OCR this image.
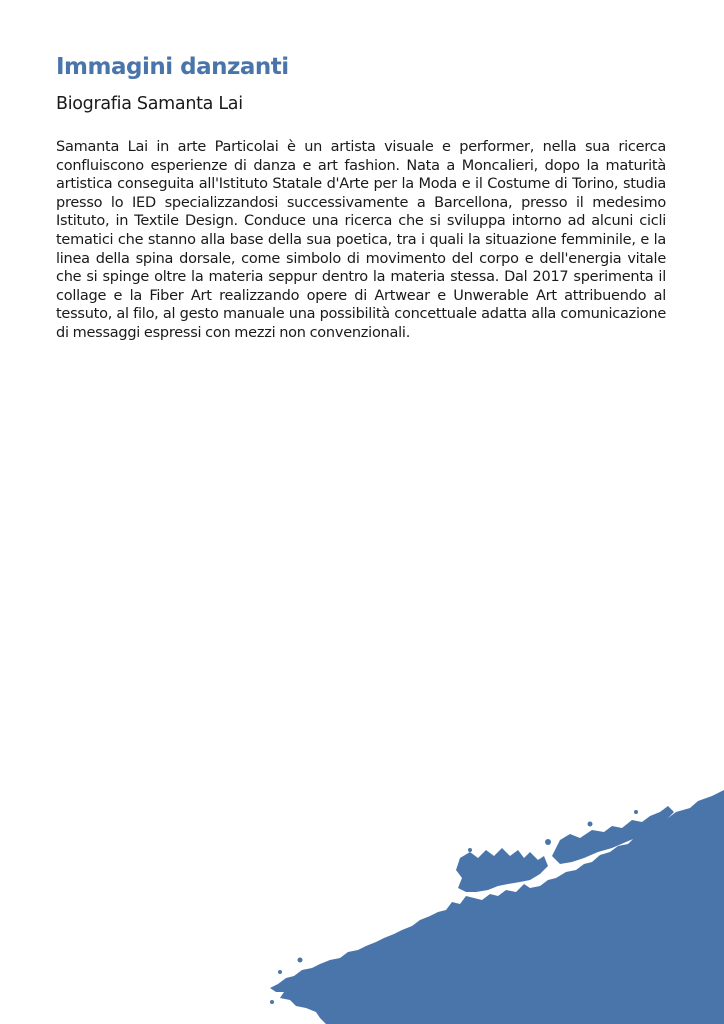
Immagini danzanti
Biografia Samanta Lai

Samanta Lai in arte Particolai è un artista visuale e performer, nella sua ricerca confluiscono esperienze di danza e art fashion. Nata a Moncalieri, dopo la maturità artistica conseguita all'Istituto Statale d'Arte per la Moda e il Costume di Torino, studia presso lo IED specializzandosi successivamente a Barcellona, presso il medesimo Istituto, in Textile Design. Conduce una ricerca che si sviluppa intorno ad alcuni cicli tematici che stanno alla base della sua poetica, tra i quali la situazione femminile, e la linea della spina dorsale, come simbolo di movimento del corpo e dell'energia vitale che si spinge oltre la materia seppur dentro la materia stessa. Dal 2017 sperimenta il collage e la Fiber Art realizzando opere di Artwear e Unwerable Art attribuendo al tessuto, al filo, al gesto manuale una possibilità concettuale adatta alla comunicazione di messaggi espressi con mezzi non convenzionali.
